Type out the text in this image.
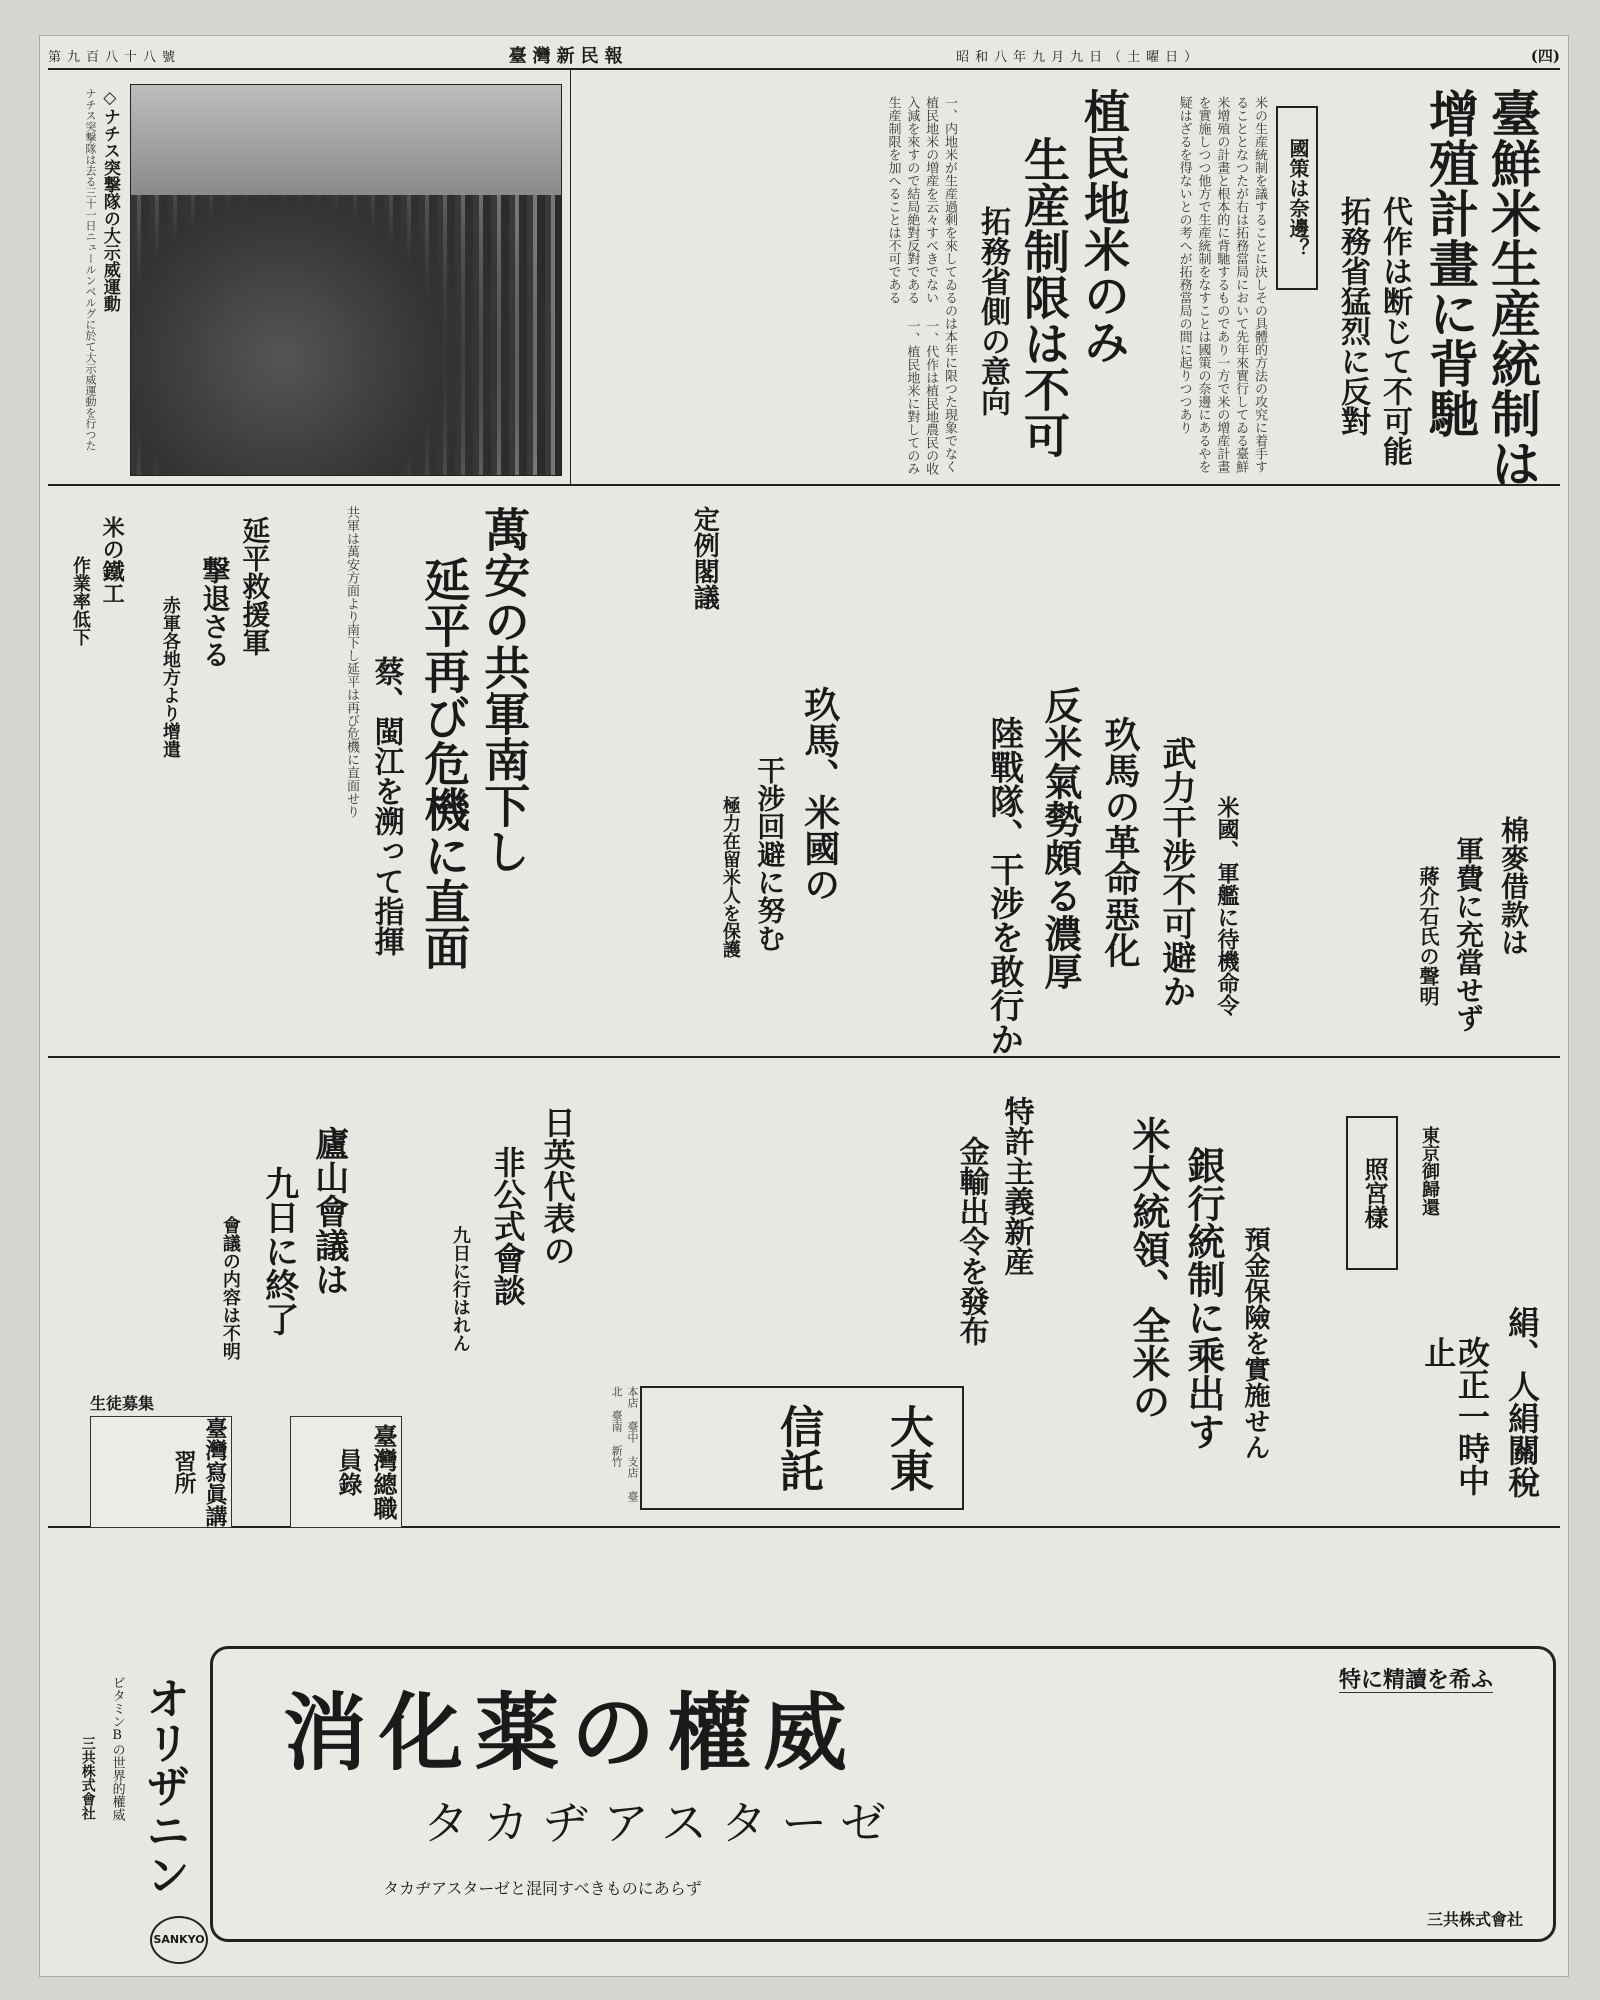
第九百八十八號	臺灣新民報	昭和八年九月九日（土曜日）	(四)
臺鮮米生産統制は
增殖計畫に背馳
代作は断じて不可能
拓務省猛烈に反對
國策は奈邊？
米の生産統制を議することに決しその具體的方法の攻究に着手することとなつたが右は拓務當局において先年來實行してゐる臺鮮米增殖の計畫と根本的に背馳するものであり一方で米の增産計畫を實施しつつ他方で生産統制をなすことは國策の奈邊にあるやを疑はざるを得ないとの考へが拓務當局の間に起りつつあり
植民地米のみ
生産制限は不可
拓務省側の意向
一、内地米が生産過剩を來してゐるのは本年に限つた現象でなく植民地米の増産を云々すべきでない 一、代作は植民地農民の收入減を來すので結局絶對反對である 一、植民地米に對してのみ生産制限を加へることは不可である
◇ナチス突撃隊の大示威運動
ナチス突撃隊は去る三十一日ニュールンベルグに於て大示威運動を行つた
米の鐵工
作業率低下	延平救援軍
撃退さる
赤軍各地方より增遣	萬安の共軍南下し
延平再び危機に直面
蔡、閩江を溯って指揮
共軍は萬安方面より南下し延平は再び危機に直面せり	定例閣議
玖馬、米國の
干涉回避に努む
極力在留米人を保護	反米氣勢頗る濃厚
陸戰隊、干涉を敢行か 玖馬の革命惡化 武力干涉不可避か 米國、軍艦に待機命令	棉麥借款は
軍費に充當せず
蔣介石氏の聲明
廬山會議は
九日に終了
會議の内容は不明
日英代表の
非公式會談
九日に行はれん
特許主義新産
金輸出令を發布	米大統領、全米の 銀行統制に乘出す 預金保險を實施せん
照宮樣	東京御歸還
絹、人絹關稅
改正一時中止
大東信託
本店 臺中 支店 臺北 臺南 新竹
臺灣總職員錄
臺灣寫眞講習所
生徒募集
消化薬の權威
タカヂアスターゼ
タカヂアスターゼと混同すべきものにあらず
特に精讀を希ふ
三共株式會社
オリザニン
ビタミンBの世界的權威
三共株式會社
SANKYO
